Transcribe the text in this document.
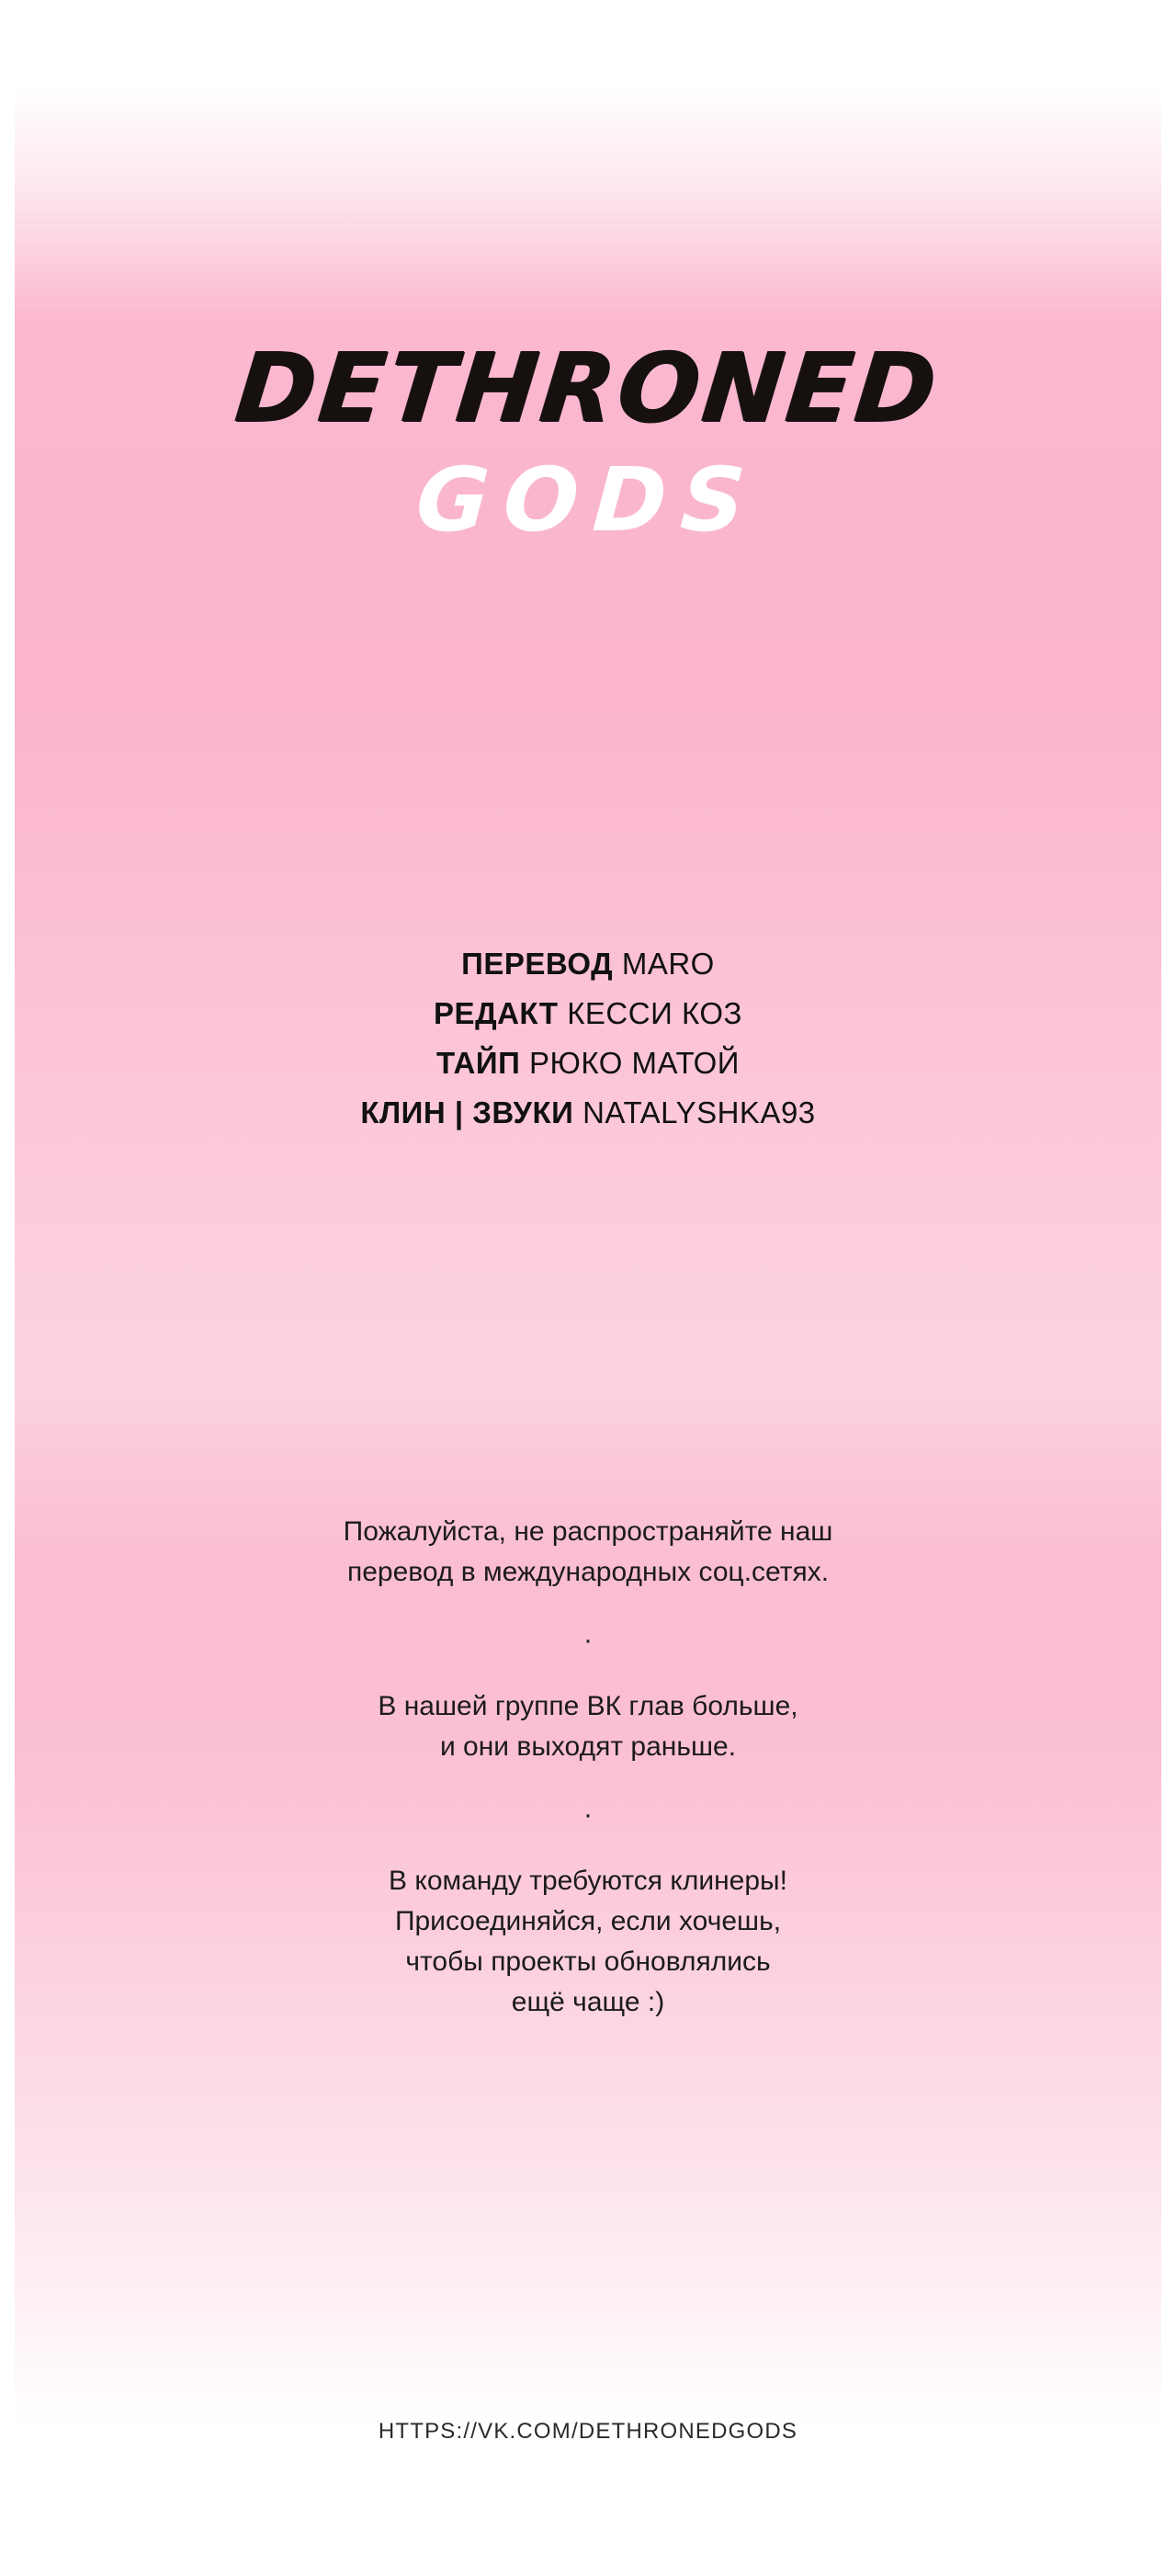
DETHRONED
GODS
ПЕРЕВОД MARO
РЕДАКТ КЕССИ КОЗ
ТАЙП РЮКО МАТОЙ
КЛИН | ЗВУКИ NATALYSHKA93
Пожалуйста, не распространяйте наш
перевод в международных соц.сетях.
·
В нашей группе ВК глав больше,
и они выходят раньше.
·
В команду требуются клинеры!
Присоединяйся, если хочешь,
чтобы проекты обновлялись
ещё чаще :)
HTTPS://VK.COM/DETHRONEDGODS
